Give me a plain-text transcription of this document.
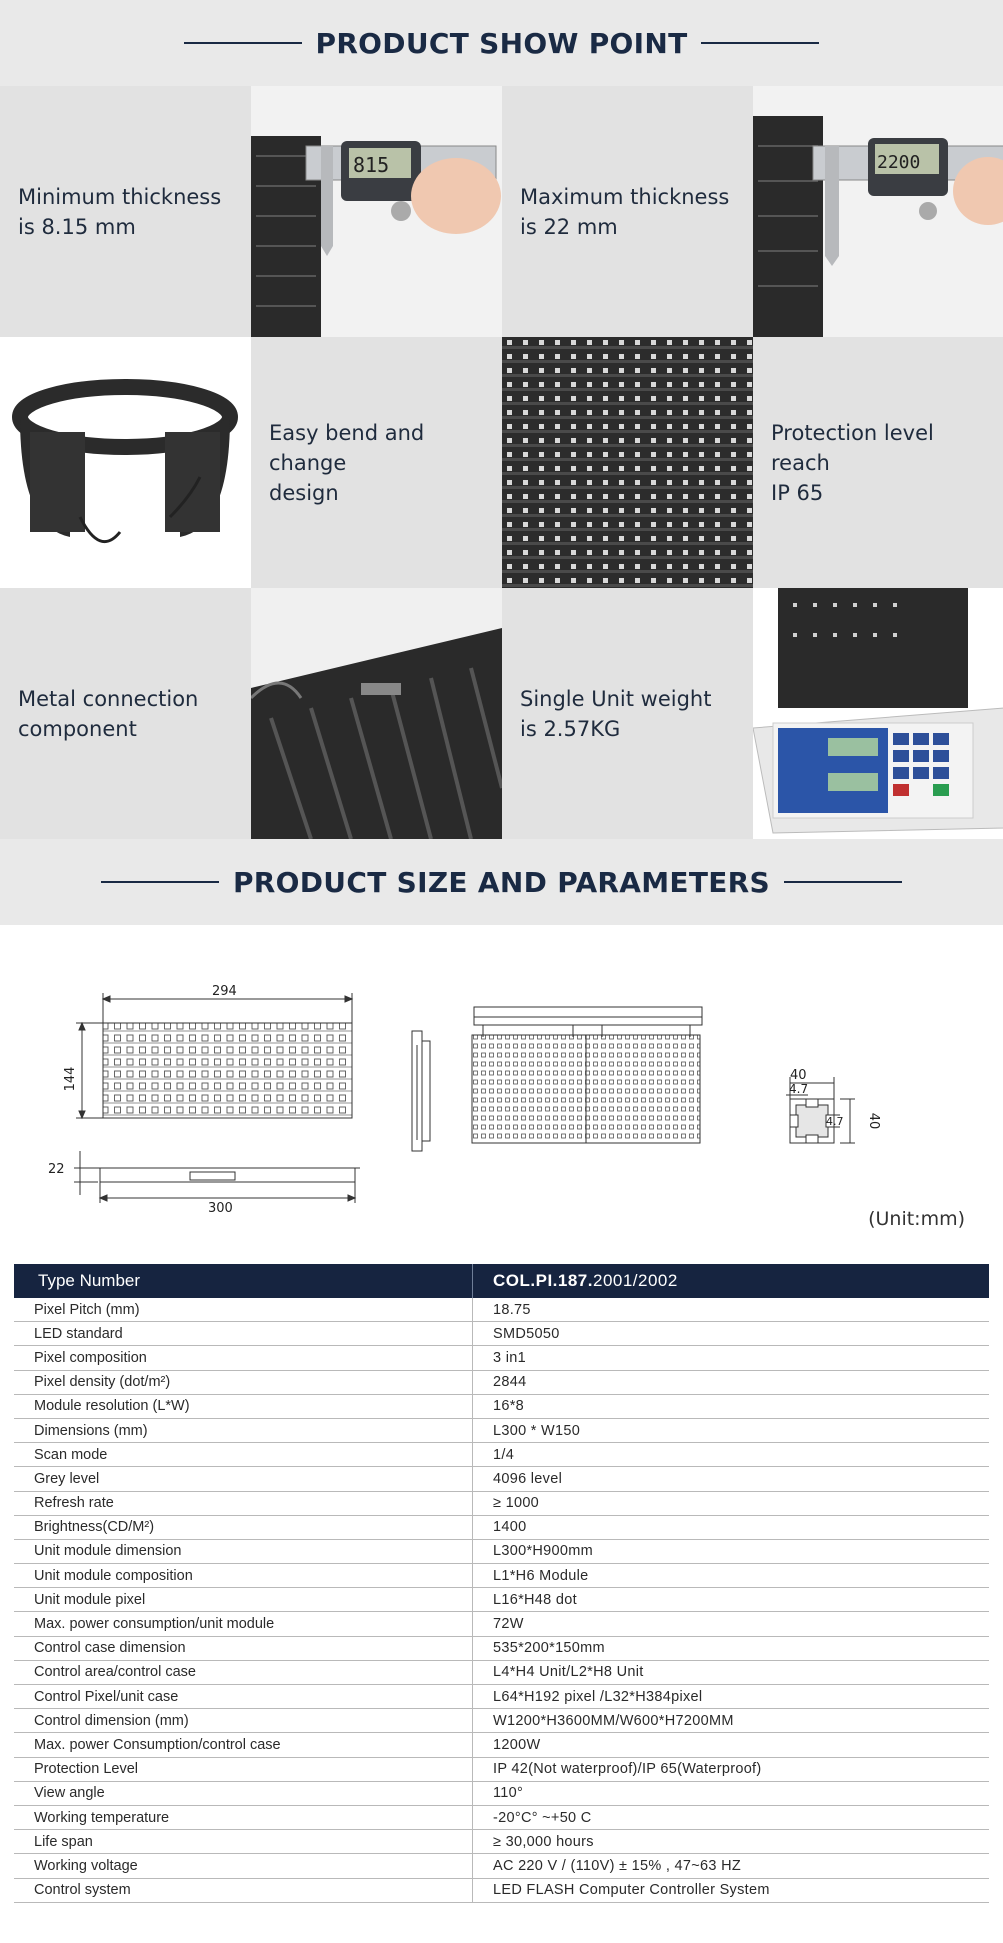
PRODUCT SHOW POINT
Minimum thickness
is 8.15 mm
815
Maximum thickness
is 22 mm
2200
Easy bend and change
design
Protection level reach
IP 65
Metal connection
component
Single Unit weight
is 2.57KG
PRODUCT SIZE AND PARAMETERS
294
144
22
300
40
4.7
4.7 40
(Unit:mm)
Type Number	COL.PI.187.2001/2002
Pixel Pitch (mm)	18.75
LED standard	SMD5050
Pixel composition	3 in1
Pixel density (dot/m²)	2844
Module resolution (L*W)	16*8
Dimensions (mm)	L300 * W150
Scan mode	1/4
Grey level	4096 level
Refresh rate	≥ 1000
Brightness(CD/M²)	1400
Unit module dimension	L300*H900mm
Unit module composition	L1*H6 Module
Unit module pixel	L16*H48 dot
Max. power consumption/unit module	72W
Control case dimension	535*200*150mm
Control area/control case	L4*H4 Unit/L2*H8 Unit
Control Pixel/unit case	L64*H192 pixel /L32*H384pixel
Control dimension (mm)	W1200*H3600MM/W600*H7200MM
Max. power Consumption/control case	1200W
Protection Level	IP 42(Not waterproof)/IP 65(Waterproof)
View angle	110°
Working temperature	-20°C° ~+50 C
Life span	≥ 30,000 hours
Working voltage	AC 220 V / (110V) ± 15% , 47~63 HZ
Control system	LED FLASH Computer Controller System
